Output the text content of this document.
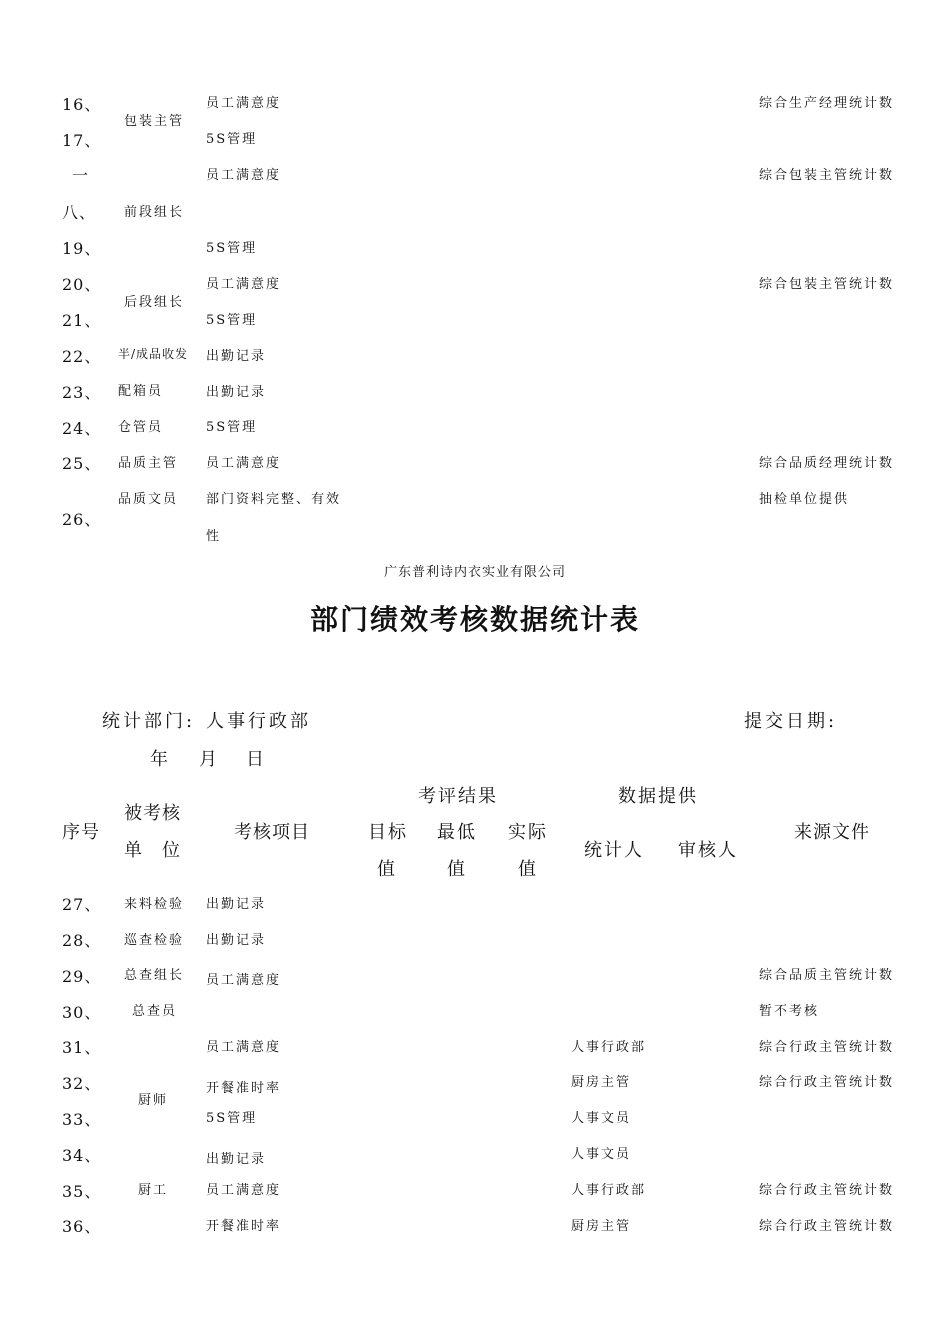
16、
17、
一
八、
19、
20、
21、
22、
23、
24、
25、
26、
包装主管
前段组长
后段组长
半/成品收发
配箱员
仓管员
品质主管
品质文员
员工满意度
5S管理
员工满意度
5S管理
员工满意度
5S管理
出勤记录
出勤记录
5S管理
员工满意度
部门资料完整、有效
性
综合生产经理统计数
综合包装主管统计数
综合包装主管统计数
综合品质经理统计数
抽检单位提供
广东普利诗内衣实业有限公司
部门绩效考核数据统计表
统计部门: 人事行政部	提交日期:
年 月 日
序号
被考核
单　位
考核项目
考评结果
目标
值
最低
值
实际
值
数据提供
统计人 审核人
来源文件
27、
28、
29、
30、
31、
32、
33、
34、
35、
36、
来料检验
巡查检验
总查组长
总查员
厨师
厨工
出勤记录
出勤记录
员工满意度
员工满意度
开餐准时率
5S管理
出勤记录
员工满意度
开餐准时率
人事行政部
厨房主管
人事文员
人事文员
人事行政部
厨房主管
综合品质主管统计数
暂不考核
综合行政主管统计数
综合行政主管统计数
综合行政主管统计数
综合行政主管统计数
